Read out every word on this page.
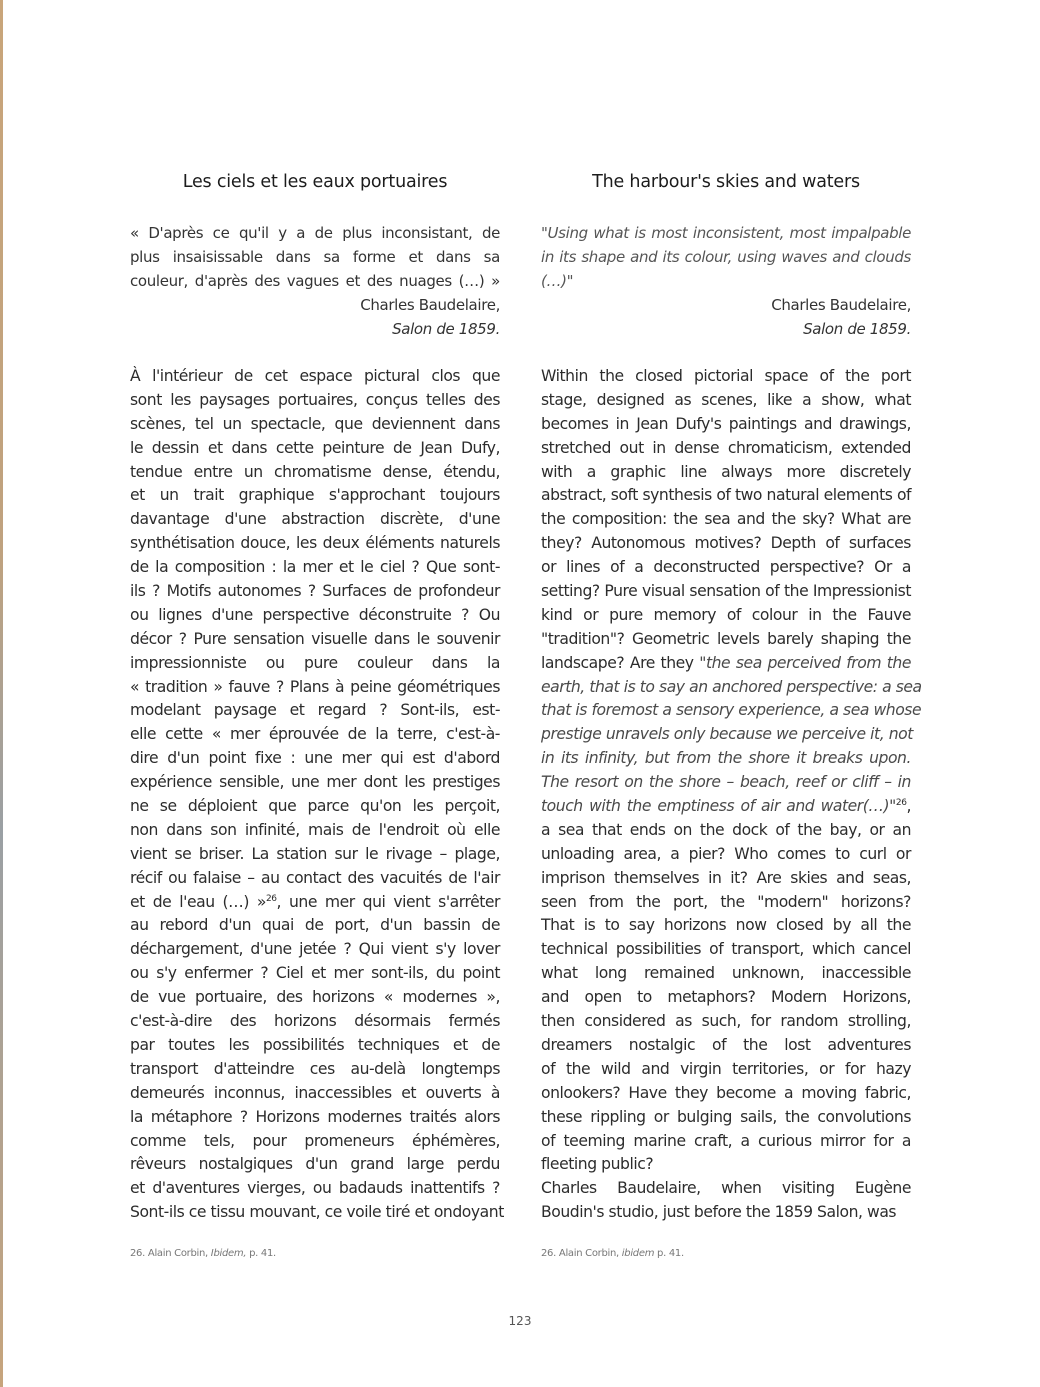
Les ciels et les eaux portuaires
« D'après ce qu'il y a de plus inconsistant, de
plus insaisissable dans sa forme et dans sa
couleur, d'après des vagues et des nuages (…) »
Charles Baudelaire,
Salon de 1859.
À l'intérieur de cet espace pictural clos que
sont les paysages portuaires, conçus telles des
scènes, tel un spectacle, que deviennent dans
le dessin et dans cette peinture de Jean Dufy,
tendue entre un chromatisme dense, étendu,
et un trait graphique s'approchant toujours
davantage d'une abstraction discrète, d'une
synthétisation douce, les deux éléments naturels
de la composition : la mer et le ciel ? Que sont-
ils ? Motifs autonomes ? Surfaces de profondeur
ou lignes d'une perspective déconstruite ? Ou
décor ? Pure sensation visuelle dans le souvenir
impressionniste ou pure couleur dans la
« tradition » fauve ? Plans à peine géométriques
modelant paysage et regard ? Sont-ils, est-
elle cette « mer éprouvée de la terre, c'est-à-
dire d'un point fixe : une mer qui est d'abord
expérience sensible, une mer dont les prestiges
ne se déploient que parce qu'on les perçoit,
non dans son infinité, mais de l'endroit où elle
vient se briser. La station sur le rivage – plage,
récif ou falaise – au contact des vacuités de l'air
et de l'eau (…) »$^{26}$, une mer qui vient s'arrêter
au rebord d'un quai de port, d'un bassin de
déchargement, d'une jetée ? Qui vient s'y lover
ou s'y enfermer ? Ciel et mer sont-ils, du point
de vue portuaire, des horizons « modernes »,
c'est-à-dire des horizons désormais fermés
par toutes les possibilités techniques et de
transport d'atteindre ces au-delà longtemps
demeurés inconnus, inaccessibles et ouverts à
la métaphore ? Horizons modernes traités alors
comme tels, pour promeneurs éphémères,
rêveurs nostalgiques d'un grand large perdu
et d'aventures vierges, ou badauds inattentifs ?
Sont-ils ce tissu mouvant, ce voile tiré et ondoyant
26. Alain Corbin, Ibidem, p. 41.
The harbour's skies and waters
"Using what is most inconsistent, most impalpable
in its shape and its colour, using waves and clouds
(…)"
Charles Baudelaire,
Salon de 1859.
Within the closed pictorial space of the port
stage, designed as scenes, like a show, what
becomes in Jean Dufy's paintings and drawings,
stretched out in dense chromaticism, extended
with a graphic line always more discretely
abstract, soft synthesis of two natural elements of
the composition: the sea and the sky? What are
they? Autonomous motives? Depth of surfaces
or lines of a deconstructed perspective? Or a
setting? Pure visual sensation of the Impressionist
kind or pure memory of colour in the Fauve
"tradition"? Geometric levels barely shaping the
landscape? Are they "the sea perceived from the
earth, that is to say an anchored perspective: a sea
that is foremost a sensory experience, a sea whose
prestige unravels only because we perceive it, not
in its infinity, but from the shore it breaks upon.
The resort on the shore – beach, reef or cliff – in
touch with the emptiness of air and water(…)"$^{26}$,
a sea that ends on the dock of the bay, or an
unloading area, a pier? Who comes to curl or
imprison themselves in it? Are skies and seas,
seen from the port, the "modern" horizons?
That is to say horizons now closed by all the
technical possibilities of transport, which cancel
what long remained unknown, inaccessible
and open to metaphors? Modern Horizons,
then considered as such, for random strolling,
dreamers nostalgic of the lost adventures
of the wild and virgin territories, or for hazy
onlookers? Have they become a moving fabric,
these rippling or bulging sails, the convolutions
of teeming marine craft, a curious mirror for a
fleeting public?
Charles Baudelaire, when visiting Eugène
Boudin's studio, just before the 1859 Salon, was
26. Alain Corbin, ibidem p. 41.
123
